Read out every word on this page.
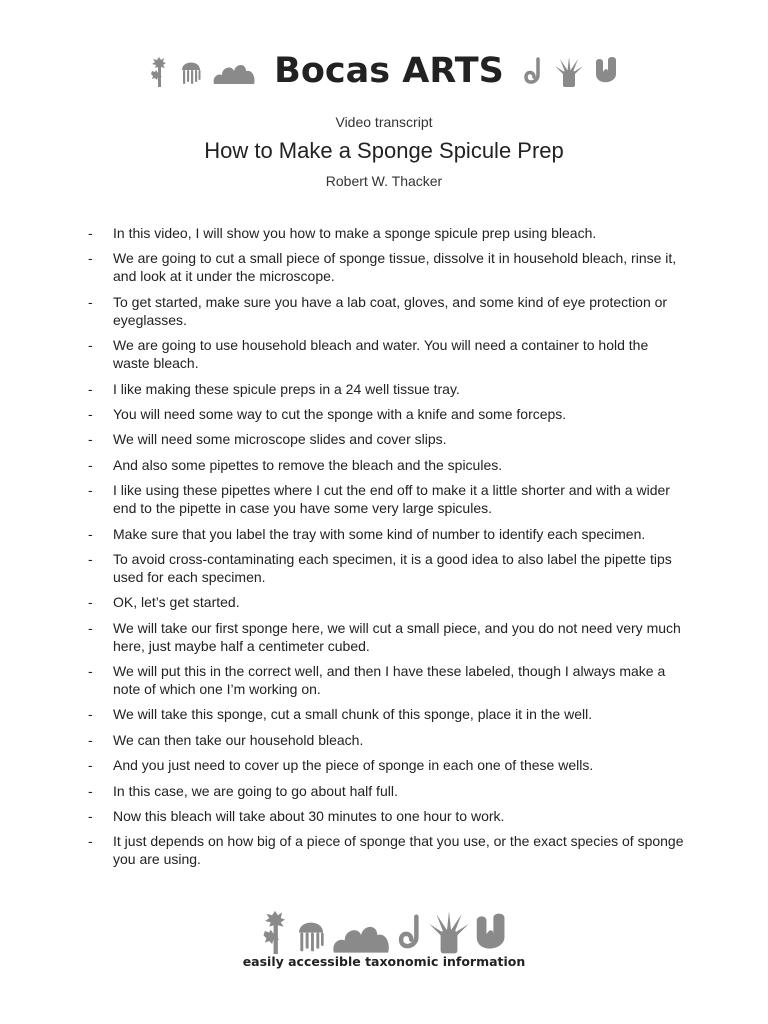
Bocas ARTS
Video transcript
How to Make a Sponge Spicule Prep
Robert W. Thacker
- In this video, I will show you how to make a sponge spicule prep using bleach.
- We are going to cut a small piece of sponge tissue, dissolve it in household bleach, rinse it, and look at it under the microscope.
- To get started, make sure you have a lab coat, gloves, and some kind of eye protection or eyeglasses.
- We are going to use household bleach and water. You will need a container to hold the waste bleach.
- I like making these spicule preps in a 24 well tissue tray.
- You will need some way to cut the sponge with a knife and some forceps.
- We will need some microscope slides and cover slips.
- And also some pipettes to remove the bleach and the spicules.
- I like using these pipettes where I cut the end off to make it a little shorter and with a wider end to the pipette in case you have some very large spicules.
- Make sure that you label the tray with some kind of number to identify each specimen.
- To avoid cross-contaminating each specimen, it is a good idea to also label the pipette tips used for each specimen.
- OK, let’s get started.
- We will take our first sponge here, we will cut a small piece, and you do not need very much here, just maybe half a centimeter cubed.
- We will put this in the correct well, and then I have these labeled, though I always make a note of which one I’m working on.
- We will take this sponge, cut a small chunk of this sponge, place it in the well.
- We can then take our household bleach.
- And you just need to cover up the piece of sponge in each one of these wells.
- In this case, we are going to go about half full.
- Now this bleach will take about 30 minutes to one hour to work.
- It just depends on how big of a piece of sponge that you use, or the exact species of sponge you are using.
easily accessible taxonomic information
